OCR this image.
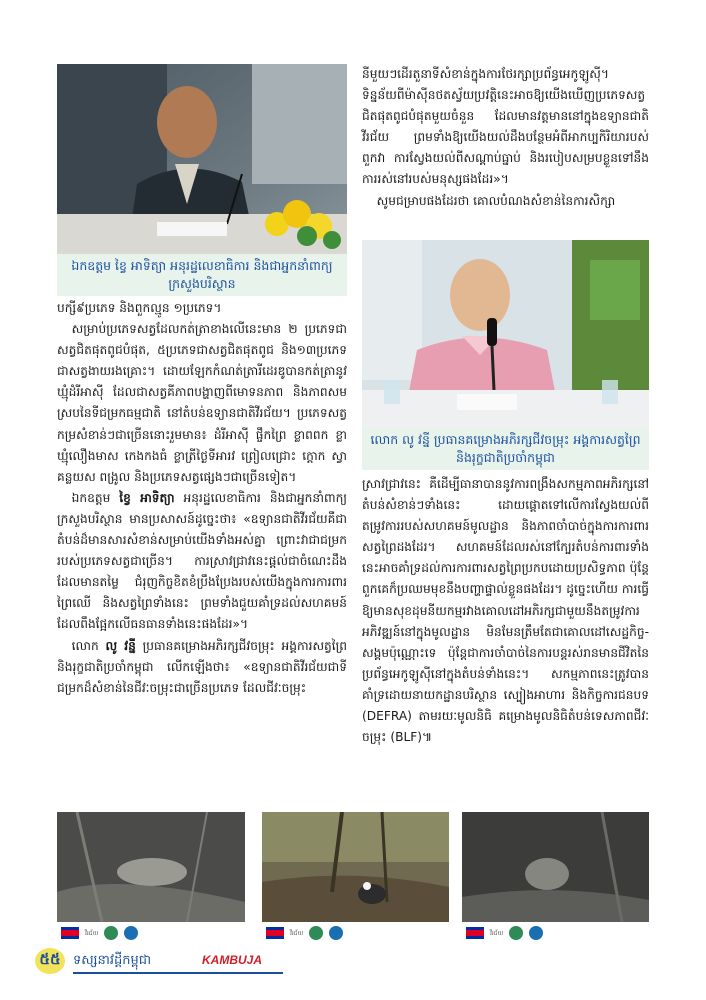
ឯកឧត្តម ខ្វៃ អាទិត្យា អនុរដ្ឋលេខាធិការ និងជាអ្នកនាំពាក្យក្រសួងបរិស្ថាន
លោក លូ វន្នី ប្រធានគម្រោងអភិរក្សជីវចម្រុះ អង្គការសត្វព្រៃ និងរុក្ខជាតិប្រចាំកម្ពុជា

បក្សី៩ប្រភេទ និងពួកល្មូន ១ប្រភេទ។

សម្រាប់ប្រភេទសត្វដែលកត់ត្រាខាងលើនេះមាន ២ ប្រភេទជាសត្វជិតផុតពូជបំផុត, ៥ប្រភេទជាសត្វជិតផុតពូជ និង១៣ប្រភេទជាសត្វងាយរងគ្រោះ។ ដោយឡែកកំណត់ត្រារីដេរឌូបានកត់ត្រានូវឃ្មុំដំរីអាស៊ី ដែលជាសត្វគីភាពបង្ហាញពីមោទនភាព និងភាពសមស្របនៃទីជម្រកធម្មជាតិ នៅតំបន់ឧទ្យានជាតិវីរជ័យ។ ប្រភេទសត្វកម្រសំខាន់ៗជាច្រើននោះរួមមាន៖ ដំរីអាស៊ី ផ្ចឹកព្រៃ ខ្លាពពក ខ្លាឃ្មុំលឿងមាស កេងកងធំ ខ្លាត្រីថ្ងៃទីអារវ ព្រៀលជ្រោះ ក្ដោក ស្វាគន្លយស ពង្រូល និងប្រភេទសត្វផ្សេងៗជាច្រើនទៀត។

ឯកឧត្តម ខ្វៃ អាទិត្យា អនុរដ្ឋលេខាធិការ និងជាអ្នកនាំពាក្យក្រសួងបរិស្ថាន មានប្រសាសន៍ដូច្នេះថា៖ «ឧទ្យានជាតិវីរជ័យគឺជាតំបន់ដ៏មានសារសំខាន់សម្រាប់យើងទាំងអស់គ្នា ព្រោះវាជាជម្រករបស់ប្រភេទសត្វជាច្រើន។ ការស្រាវជ្រាវនេះផ្ដល់ជាចំណេះដឹងដែលមានតម្លៃ ជំរុញកិច្ចខិតខំប្រឹងប្រែងរបស់យើងក្នុងការការពារព្រៃឈើ និងសត្វព្រៃទាំងនេះ ព្រមទាំងជួយគាំទ្រដល់សហគមន៍ដែលពឹងផ្អែកលើធនធានទាំងនេះផងដែរ»។

លោក លូ វន្នី ប្រធានគម្រោងអភិរក្សជីវចម្រុះ អង្គការសត្វព្រៃ និងរុក្ខជាតិប្រចាំកម្ពុជា លើកឡើងថា៖ «ឧទ្យានជាតិវីរជ័យជាទីជម្រកដ៏សំខាន់នៃជីវៈចម្រុះជាច្រើនប្រភេទ ដែលជីវៈចម្រុះ

នីមួយៗដើរតួនាទីសំខាន់ក្នុងការថែរក្សាប្រព័ន្ធអេកូឡូស៊ី។ ទិន្នន័យពីម៉ាស៊ីនថតស្វ័យប្រវត្តិនេះអាចឱ្យយើងឃើញប្រភេទសត្វជិតផុតពូជបំផុតមួយចំនួន ដែលមានវត្តមាននៅក្នុងឧទ្យានជាតិវីរជ័យ ព្រមទាំងឱ្យយើងយល់ដឹងបន្ថែមអំពីអាកប្បកិរិយារបស់ពួកវា ការស្វែងយល់ពីសណ្ដាប់ធ្នាប់ និងរបៀបសម្របខ្លួនទៅនឹងការរស់នៅរបស់មនុស្សផងដែរ»។

សូមជម្រាបផងដែរថា គោលបំណងសំខាន់នៃការសិក្សា

ស្រាវជ្រាវនេះ គឺដើម្បីធានាបាននូវការពង្រឹងសកម្មភាពអភិរក្សនៅតំបន់សំខាន់ៗទាំងនេះ ដោយផ្ដោតទៅលើការស្វែងយល់ពីតម្រូវការរបស់សហគមន៍មូលដ្ឋាន និងភាពចាំបាច់ក្នុងការការពារសត្វព្រៃដងដែរ។ សហគមន៍ដែលរស់នៅក្បែរតំបន់ការពារទាំងនេះអាចគាំទ្រដល់ការការពារសត្វព្រៃប្រកបដោយប្រសិទ្ធភាព ប៉ុន្តែពួកគេក៏ប្រឈមមុខនឹងបញ្ហាផ្ទាល់ខ្លួនផងដែរ។ ដូច្នេះហើយ ការធ្វើឱ្យមានសុខដុមនីយកម្មរវាងគោលដៅអភិរក្សជាមួយនឹងតម្រូវការអភិវឌ្ឍន៍នៅក្នុងមូលដ្ឋាន មិនមែនត្រឹមតែជាគោលដៅសេដ្ឋកិច្ច-សង្គមប៉ុណ្ណោះទេ ប៉ុន្តែជាការចាំបាច់នៃការបន្តរស់រានមានជីវិតនៃប្រព័ន្ធអេកូឡូស៊ីនៅក្នុងតំបន់ទាំងនេះ។ សកម្មភាពនេះត្រូវបានគាំទ្រដោយនាយកដ្ឋានបរិស្ថាន ស្បៀងអាហារ និងកិច្ចការជនបទ (DEFRA) តាមរយៈមូលនិធិ គម្រោងមូលនិធិតំបន់ទេសភាពជីវៈចម្រុះ (BLF)៕

វីរជ័យ	វីរជ័យ	វីរជ័យ
៥៥ ទស្សនាវដ្ដីកម្ពុជា	KAMBUJA
